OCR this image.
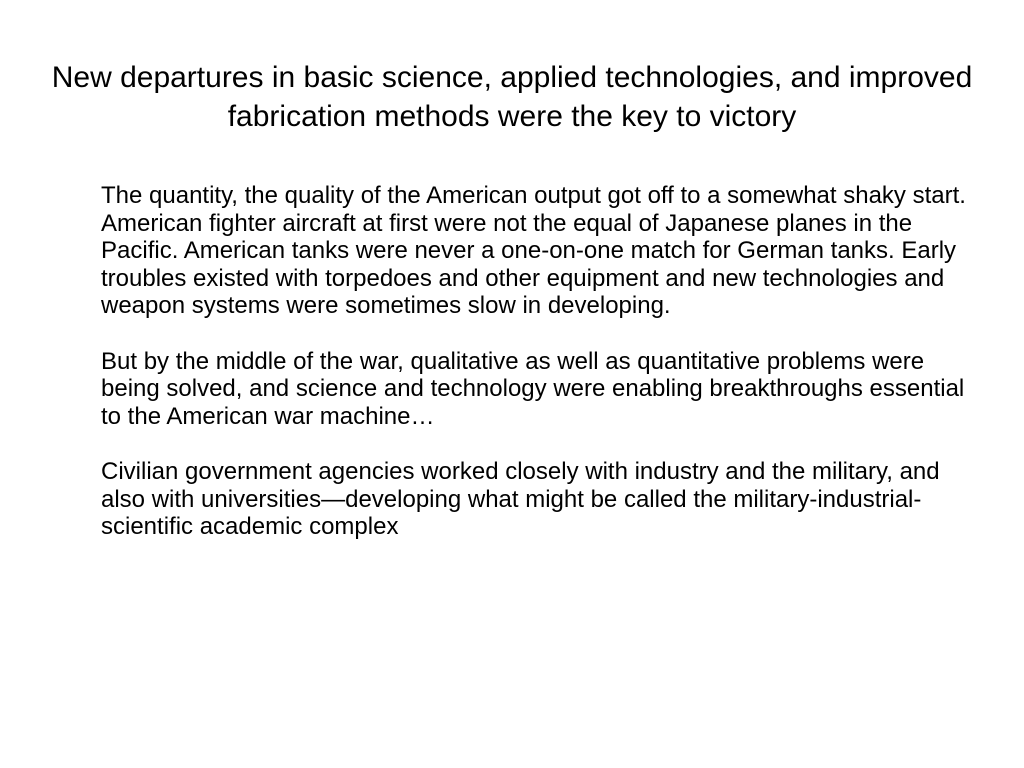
New departures in basic science, applied technologies, and improved fabrication methods were the key to victory

The quantity, the quality of the American output got off to a somewhat shaky start. American fighter aircraft at first were not the equal of Japanese planes in the Pacific. American tanks were never a one-on-one match for German tanks. Early troubles existed with torpedoes and other equipment and new technologies and weapon systems were sometimes slow in developing.

But by the middle of the war, qualitative as well as quantitative problems were being solved, and science and technology were enabling breakthroughs essential to the American war machine…

Civilian government agencies worked closely with industry and the military, and also with universities—developing what might be called the military-industrial-scientific academic complex
